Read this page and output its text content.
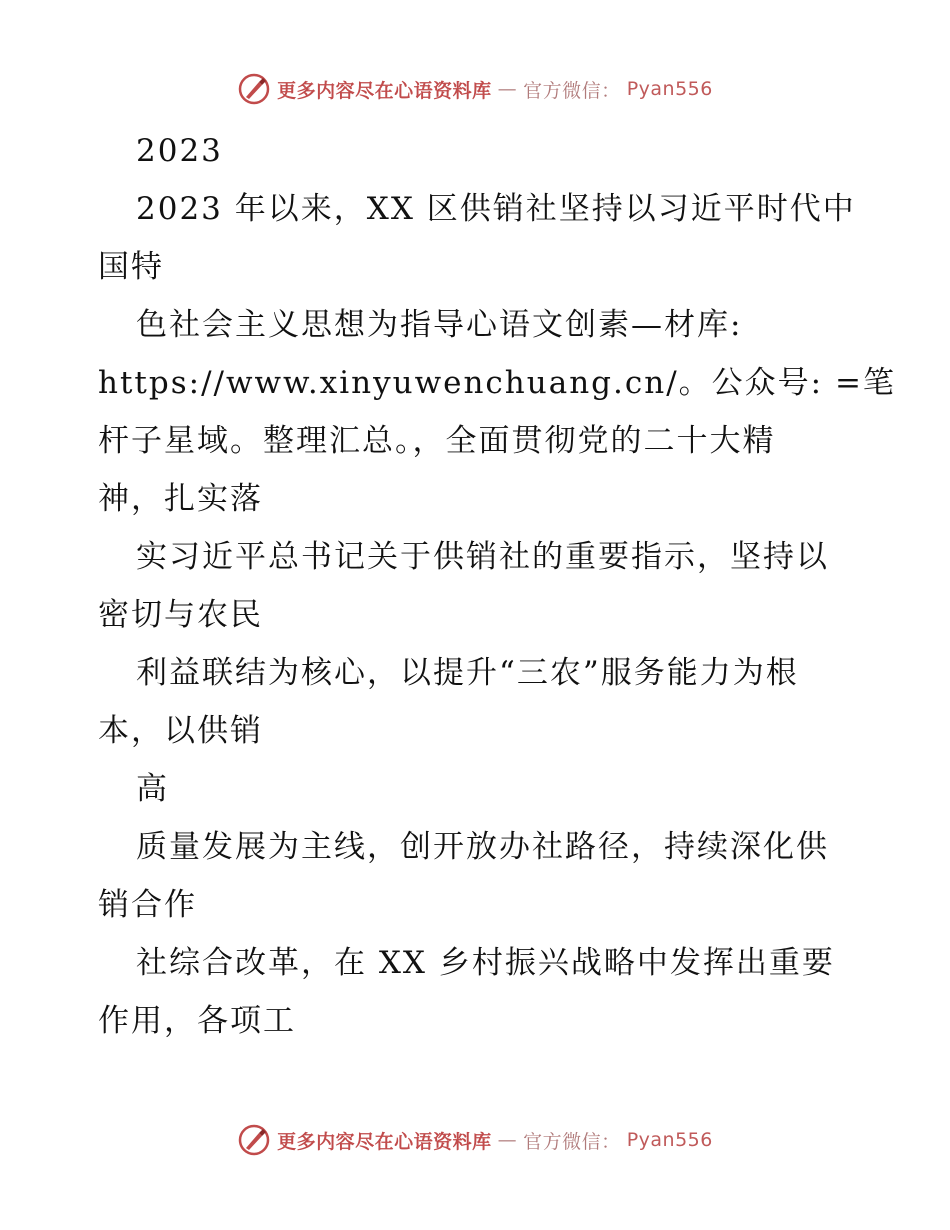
更多内容尽在心语资料库 — 官方微信： Pyan556
2023
2023 年以来，XX 区供销社坚持以习近平时代中
国特
色社会主义思想为指导心语文创素—材库:
https://www.xinyuwenchuang.cn/。公众号: =笔
杆子星域。整理汇总。，全面贯彻党的二十大精
神，扎实落
实习近平总书记关于供销社的重要指示，坚持以
密切与农民
利益联结为核心，以提升“三农”服务能力为根
本，以供销
高
质量发展为主线，创开放办社路径，持续深化供
销合作
社综合改革，在 XX 乡村振兴战略中发挥出重要
作用，各项工
更多内容尽在心语资料库 — 官方微信： Pyan556
